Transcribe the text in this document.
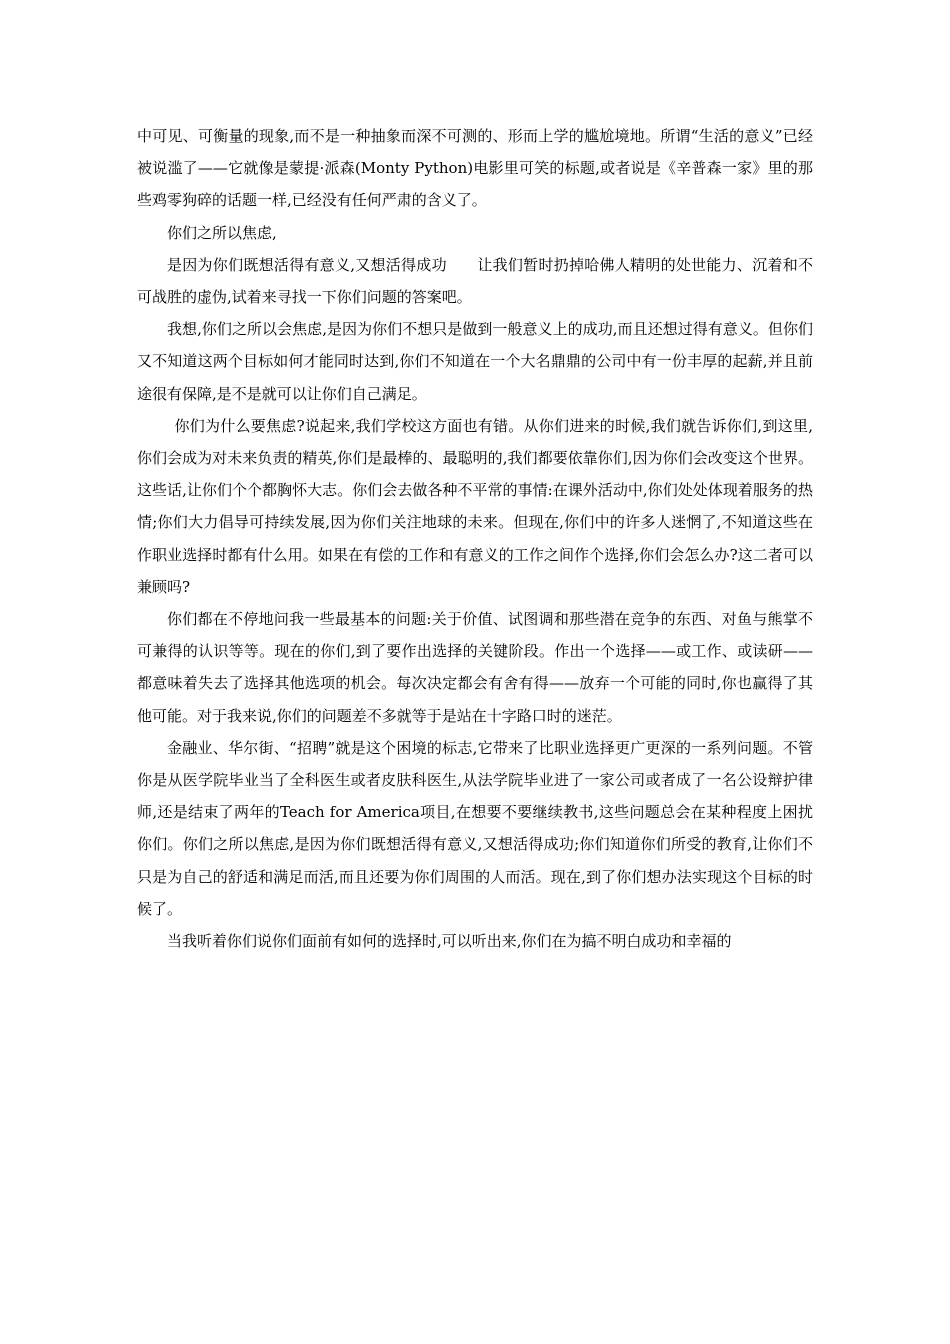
中可见、可衡量的现象,而不是一种抽象而深不可测的、形而上学的尴尬境地。所谓“生活的意义”已经被说滥了——它就像是蒙提·派森(Monty Python)电影里可笑的标题,或者说是《辛普森一家》里的那些鸡零狗碎的话题一样,已经没有任何严肃的含义了。

你们之所以焦虑,

是因为你们既想活得有意义,又想活得成功　　让我们暂时扔掉哈佛人精明的处世能力、沉着和不可战胜的虚伪,试着来寻找一下你们问题的答案吧。

我想,你们之所以会焦虑,是因为你们不想只是做到一般意义上的成功,而且还想过得有意义。但你们又不知道这两个目标如何才能同时达到,你们不知道在一个大名鼎鼎的公司中有一份丰厚的起薪,并且前途很有保障,是不是就可以让你们自己满足。

你们为什么要焦虑?说起来,我们学校这方面也有错。从你们进来的时候,我们就告诉你们,到这里,你们会成为对未来负责的精英,你们是最棒的、最聪明的,我们都要依靠你们,因为你们会改变这个世界。这些话,让你们个个都胸怀大志。你们会去做各种不平常的事情:在课外活动中,你们处处体现着服务的热情;你们大力倡导可持续发展,因为你们关注地球的未来。但现在,你们中的许多人迷惘了,不知道这些在作职业选择时都有什么用。如果在有偿的工作和有意义的工作之间作个选择,你们会怎么办?这二者可以兼顾吗?

你们都在不停地问我一些最基本的问题:关于价值、试图调和那些潜在竞争的东西、对鱼与熊掌不可兼得的认识等等。现在的你们,到了要作出选择的关键阶段。作出一个选择——或工作、或读研——都意味着失去了选择其他选项的机会。每次决定都会有舍有得——放弃一个可能的同时,你也赢得了其他可能。对于我来说,你们的问题差不多就等于是站在十字路口时的迷茫。

金融业、华尔街、“招聘”就是这个困境的标志,它带来了比职业选择更广更深的一系列问题。不管你是从医学院毕业当了全科医生或者皮肤科医生,从法学院毕业进了一家公司或者成了一名公设辩护律师,还是结束了两年的Teach for America项目,在想要不要继续教书,这些问题总会在某种程度上困扰你们。你们之所以焦虑,是因为你们既想活得有意义,又想活得成功;你们知道你们所受的教育,让你们不只是为自己的舒适和满足而活,而且还要为你们周围的人而活。现在,到了你们想办法实现这个目标的时候了。

当我听着你们说你们面前有如何的选择时,可以听出来,你们在为搞不明白成功和幸福的
